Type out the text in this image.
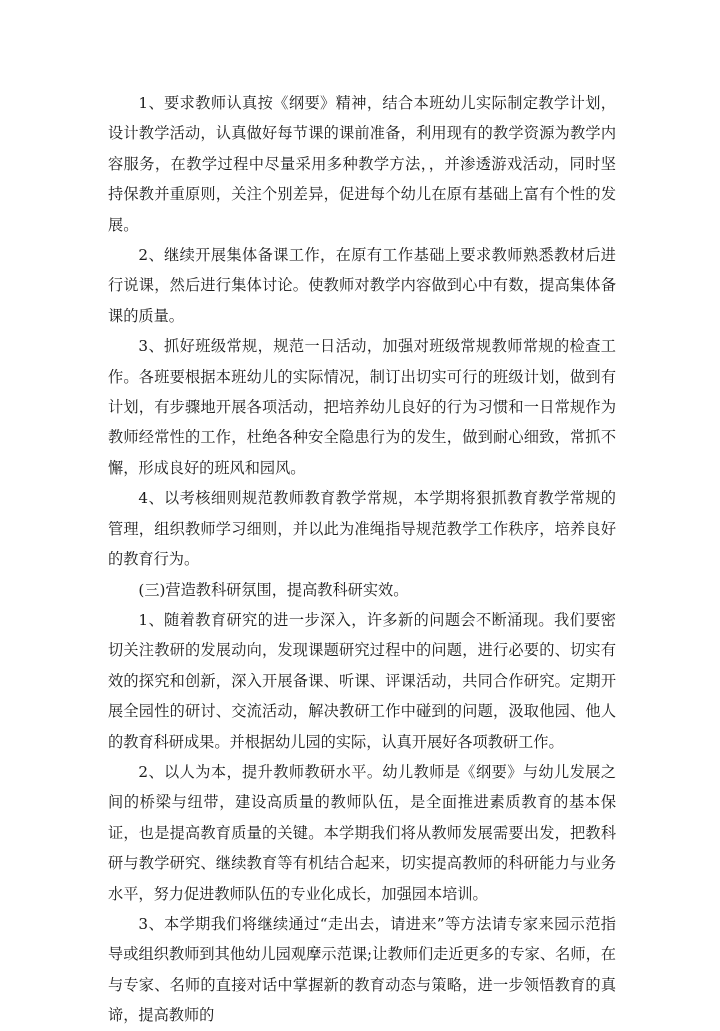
1、要求教师认真按《纲要》精神，结合本班幼儿实际制定教学计划，设计教学活动，认真做好每节课的课前准备，利用现有的教学资源为教学内容服务，在教学过程中尽量采用多种教学方法，，并渗透游戏活动，同时坚持保教并重原则，关注个别差异，促进每个幼儿在原有基础上富有个性的发展。

2、继续开展集体备课工作，在原有工作基础上要求教师熟悉教材后进行说课，然后进行集体讨论。使教师对教学内容做到心中有数，提高集体备课的质量。

3、抓好班级常规，规范一日活动，加强对班级常规教师常规的检查工作。各班要根据本班幼儿的实际情况，制订出切实可行的班级计划，做到有计划，有步骤地开展各项活动，把培养幼儿良好的行为习惯和一日常规作为教师经常性的工作，杜绝各种安全隐患行为的发生，做到耐心细致，常抓不懈，形成良好的班风和园风。

4、以考核细则规范教师教育教学常规，本学期将狠抓教育教学常规的管理，组织教师学习细则，并以此为准绳指导规范教学工作秩序，培养良好的教育行为。

(三)营造教科研氛围，提高教科研实效。

1、随着教育研究的进一步深入，许多新的问题会不断涌现。我们要密切关注教研的发展动向，发现课题研究过程中的问题，进行必要的、切实有效的探究和创新，深入开展备课、听课、评课活动，共同合作研究。定期开展全园性的研讨、交流活动，解决教研工作中碰到的问题，汲取他园、他人的教育科研成果。并根据幼儿园的实际，认真开展好各项教研工作。

2、以人为本，提升教师教研水平。幼儿教师是《纲要》与幼儿发展之间的桥梁与纽带，建设高质量的教师队伍，是全面推进素质教育的基本保证，也是提高教育质量的关键。本学期我们将从教师发展需要出发，把教科研与教学研究、继续教育等有机结合起来，切实提高教师的科研能力与业务水平，努力促进教师队伍的专业化成长，加强园本培训。

3、本学期我们将继续通过“走出去，请进来”等方法请专家来园示范指导或组织教师到其他幼儿园观摩示范课;让教师们走近更多的专家、名师，在与专家、名师的直接对话中掌握新的教育动态与策略，进一步领悟教育的真谛，提高教师的
